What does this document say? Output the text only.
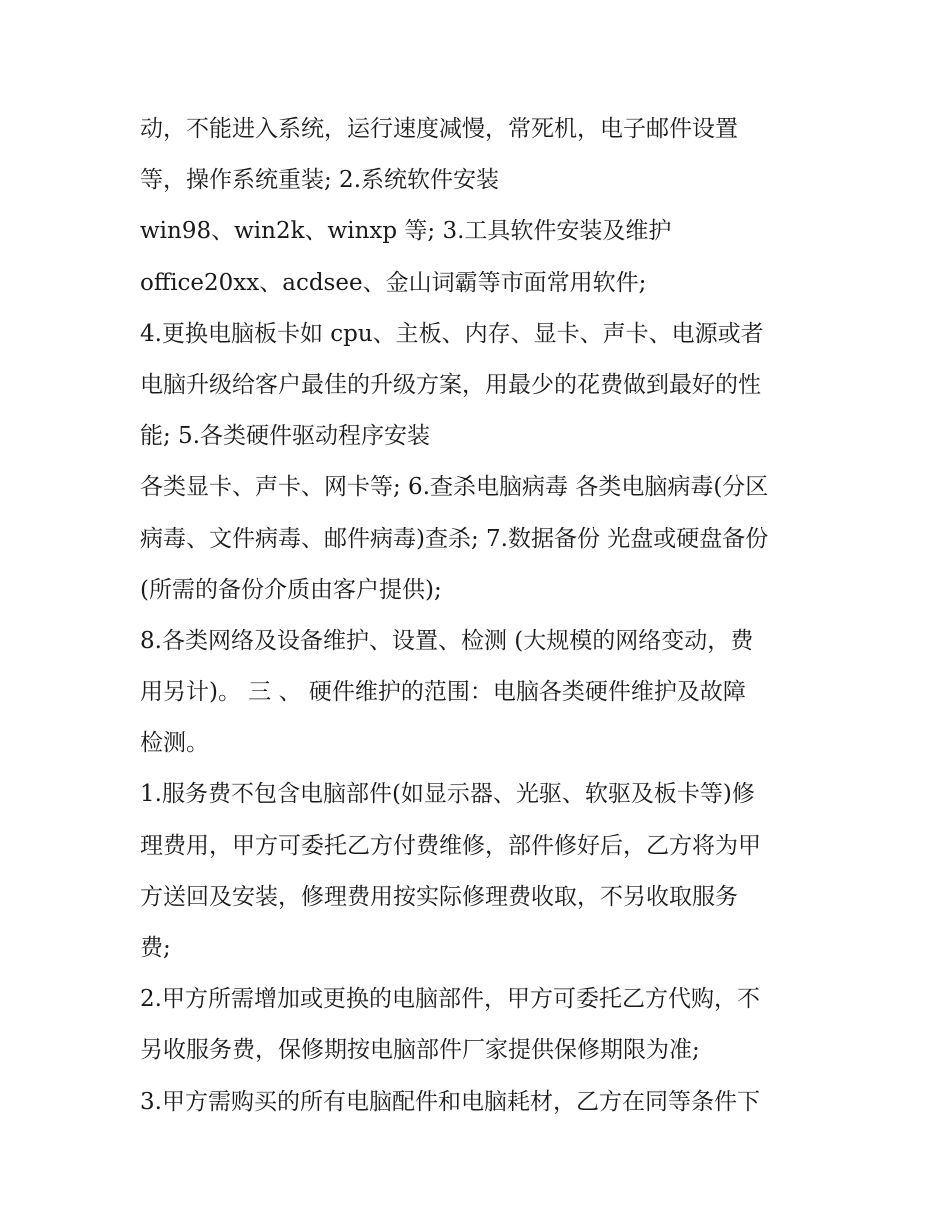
动，不能进入系统，运行速度减慢，常死机，电子邮件设置
等，操作系统重装; 2.系统软件安装
win98、win2k、winxp 等; 3.工具软件安装及维护
office20xx、acdsee、金山词霸等市面常用软件;
4.更换电脑板卡如 cpu、主板、内存、显卡、声卡、电源或者
电脑升级给客户最佳的升级方案，用最少的花费做到最好的性
能; 5.各类硬件驱动程序安装
各类显卡、声卡、网卡等; 6.查杀电脑病毒 各类电脑病毒(分区
病毒、文件病毒、邮件病毒)查杀; 7.数据备份 光盘或硬盘备份
(所需的备份介质由客户提供);
8.各类网络及设备维护、设置、检测 (大规模的网络变动，费
用另计)。 三 、 硬件维护的范围：电脑各类硬件维护及故障
检测。
1.服务费不包含电脑部件(如显示器、光驱、软驱及板卡等)修
理费用，甲方可委托乙方付费维修，部件修好后，乙方将为甲
方送回及安装，修理费用按实际修理费收取，不另收取服务
费;
2.甲方所需增加或更换的电脑部件，甲方可委托乙方代购，不
另收服务费，保修期按电脑部件厂家提供保修期限为准;
3.甲方需购买的所有电脑配件和电脑耗材，乙方在同等条件下
